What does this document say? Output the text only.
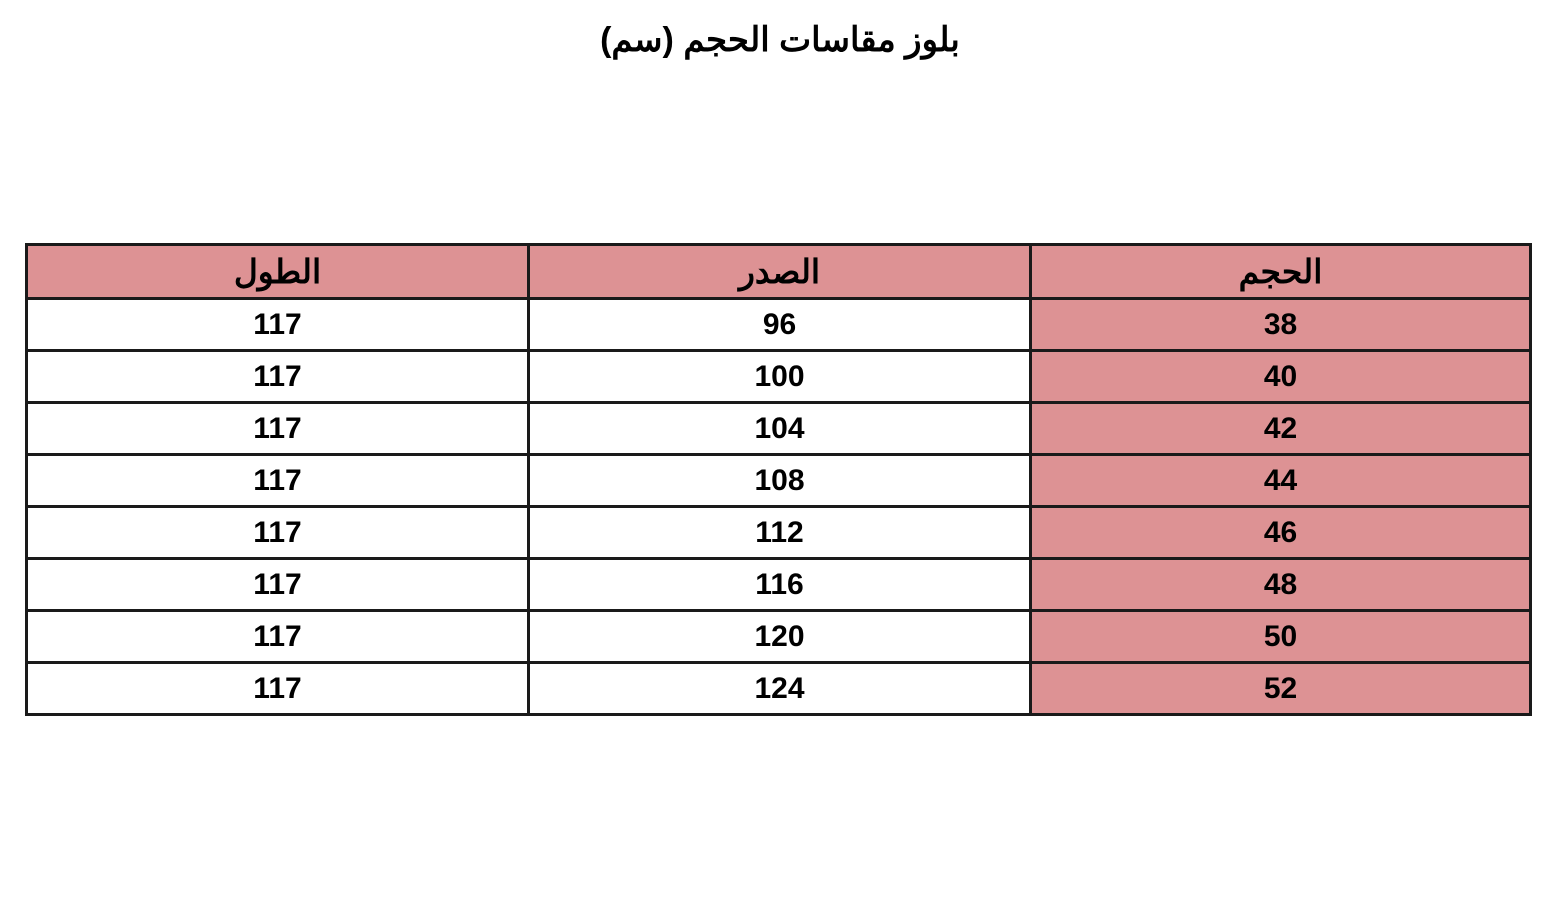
بلوز مقاسات الحجم (سم)
الحجم	الصدر	الطول
38	96	117
40	100	117
42	104	117
44	108	117
46	112	117
48	116	117
50	120	117
52	124	117
